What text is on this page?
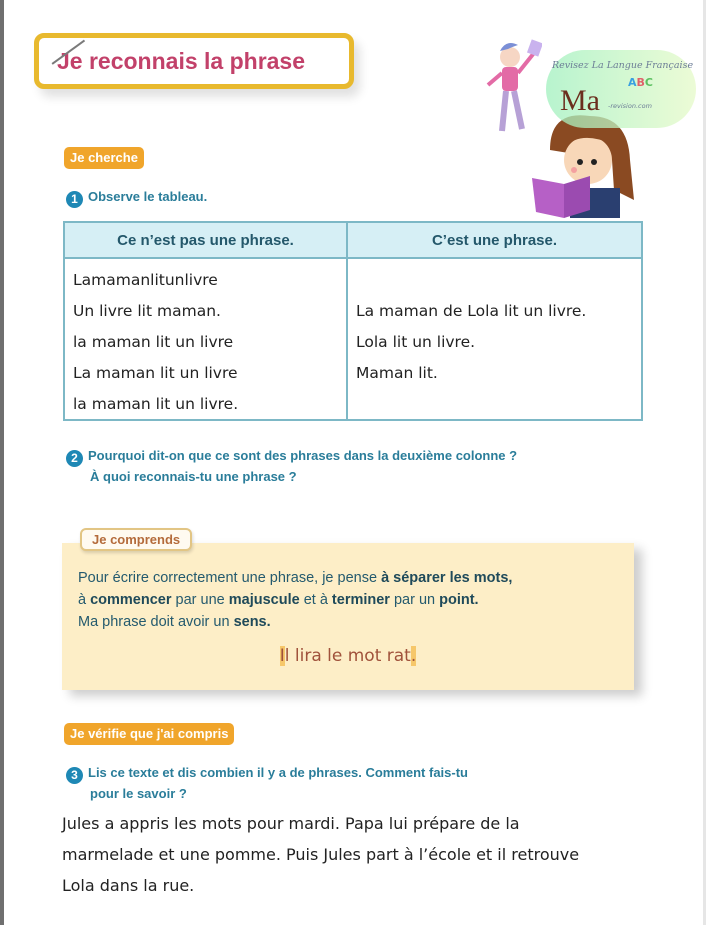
Je reconnais la phrase	Revisez La Langue Française
ABC
Ma -revision.com
Je cherche
1 Observe le tableau.
Ce n’est pas une phrase.	C’est une phrase.
Lamamanlitunlivre
Un livre lit maman.
la maman lit un livre
La maman lit un livre
la maman lit un livre.
La maman de Lola lit un livre.
Lola lit un livre.
Maman lit.
2 Pourquoi dit-on que ce sont des phrases dans la deuxième colonne ?
À quoi reconnais-tu une phrase ?
Je comprends
Pour écrire correctement une phrase, je pense à séparer les mots,
à commencer par une majuscule et à terminer par un point.
Ma phrase doit avoir un sens.
Il lira le mot rat.
Je vérifie que j'ai compris
3 Lis ce texte et dis combien il y a de phrases. Comment fais-tu
pour le savoir ?
Jules a appris les mots pour mardi. Papa lui prépare de la
marmelade et une pomme. Puis Jules part à l’école et il retrouve
Lola dans la rue.
